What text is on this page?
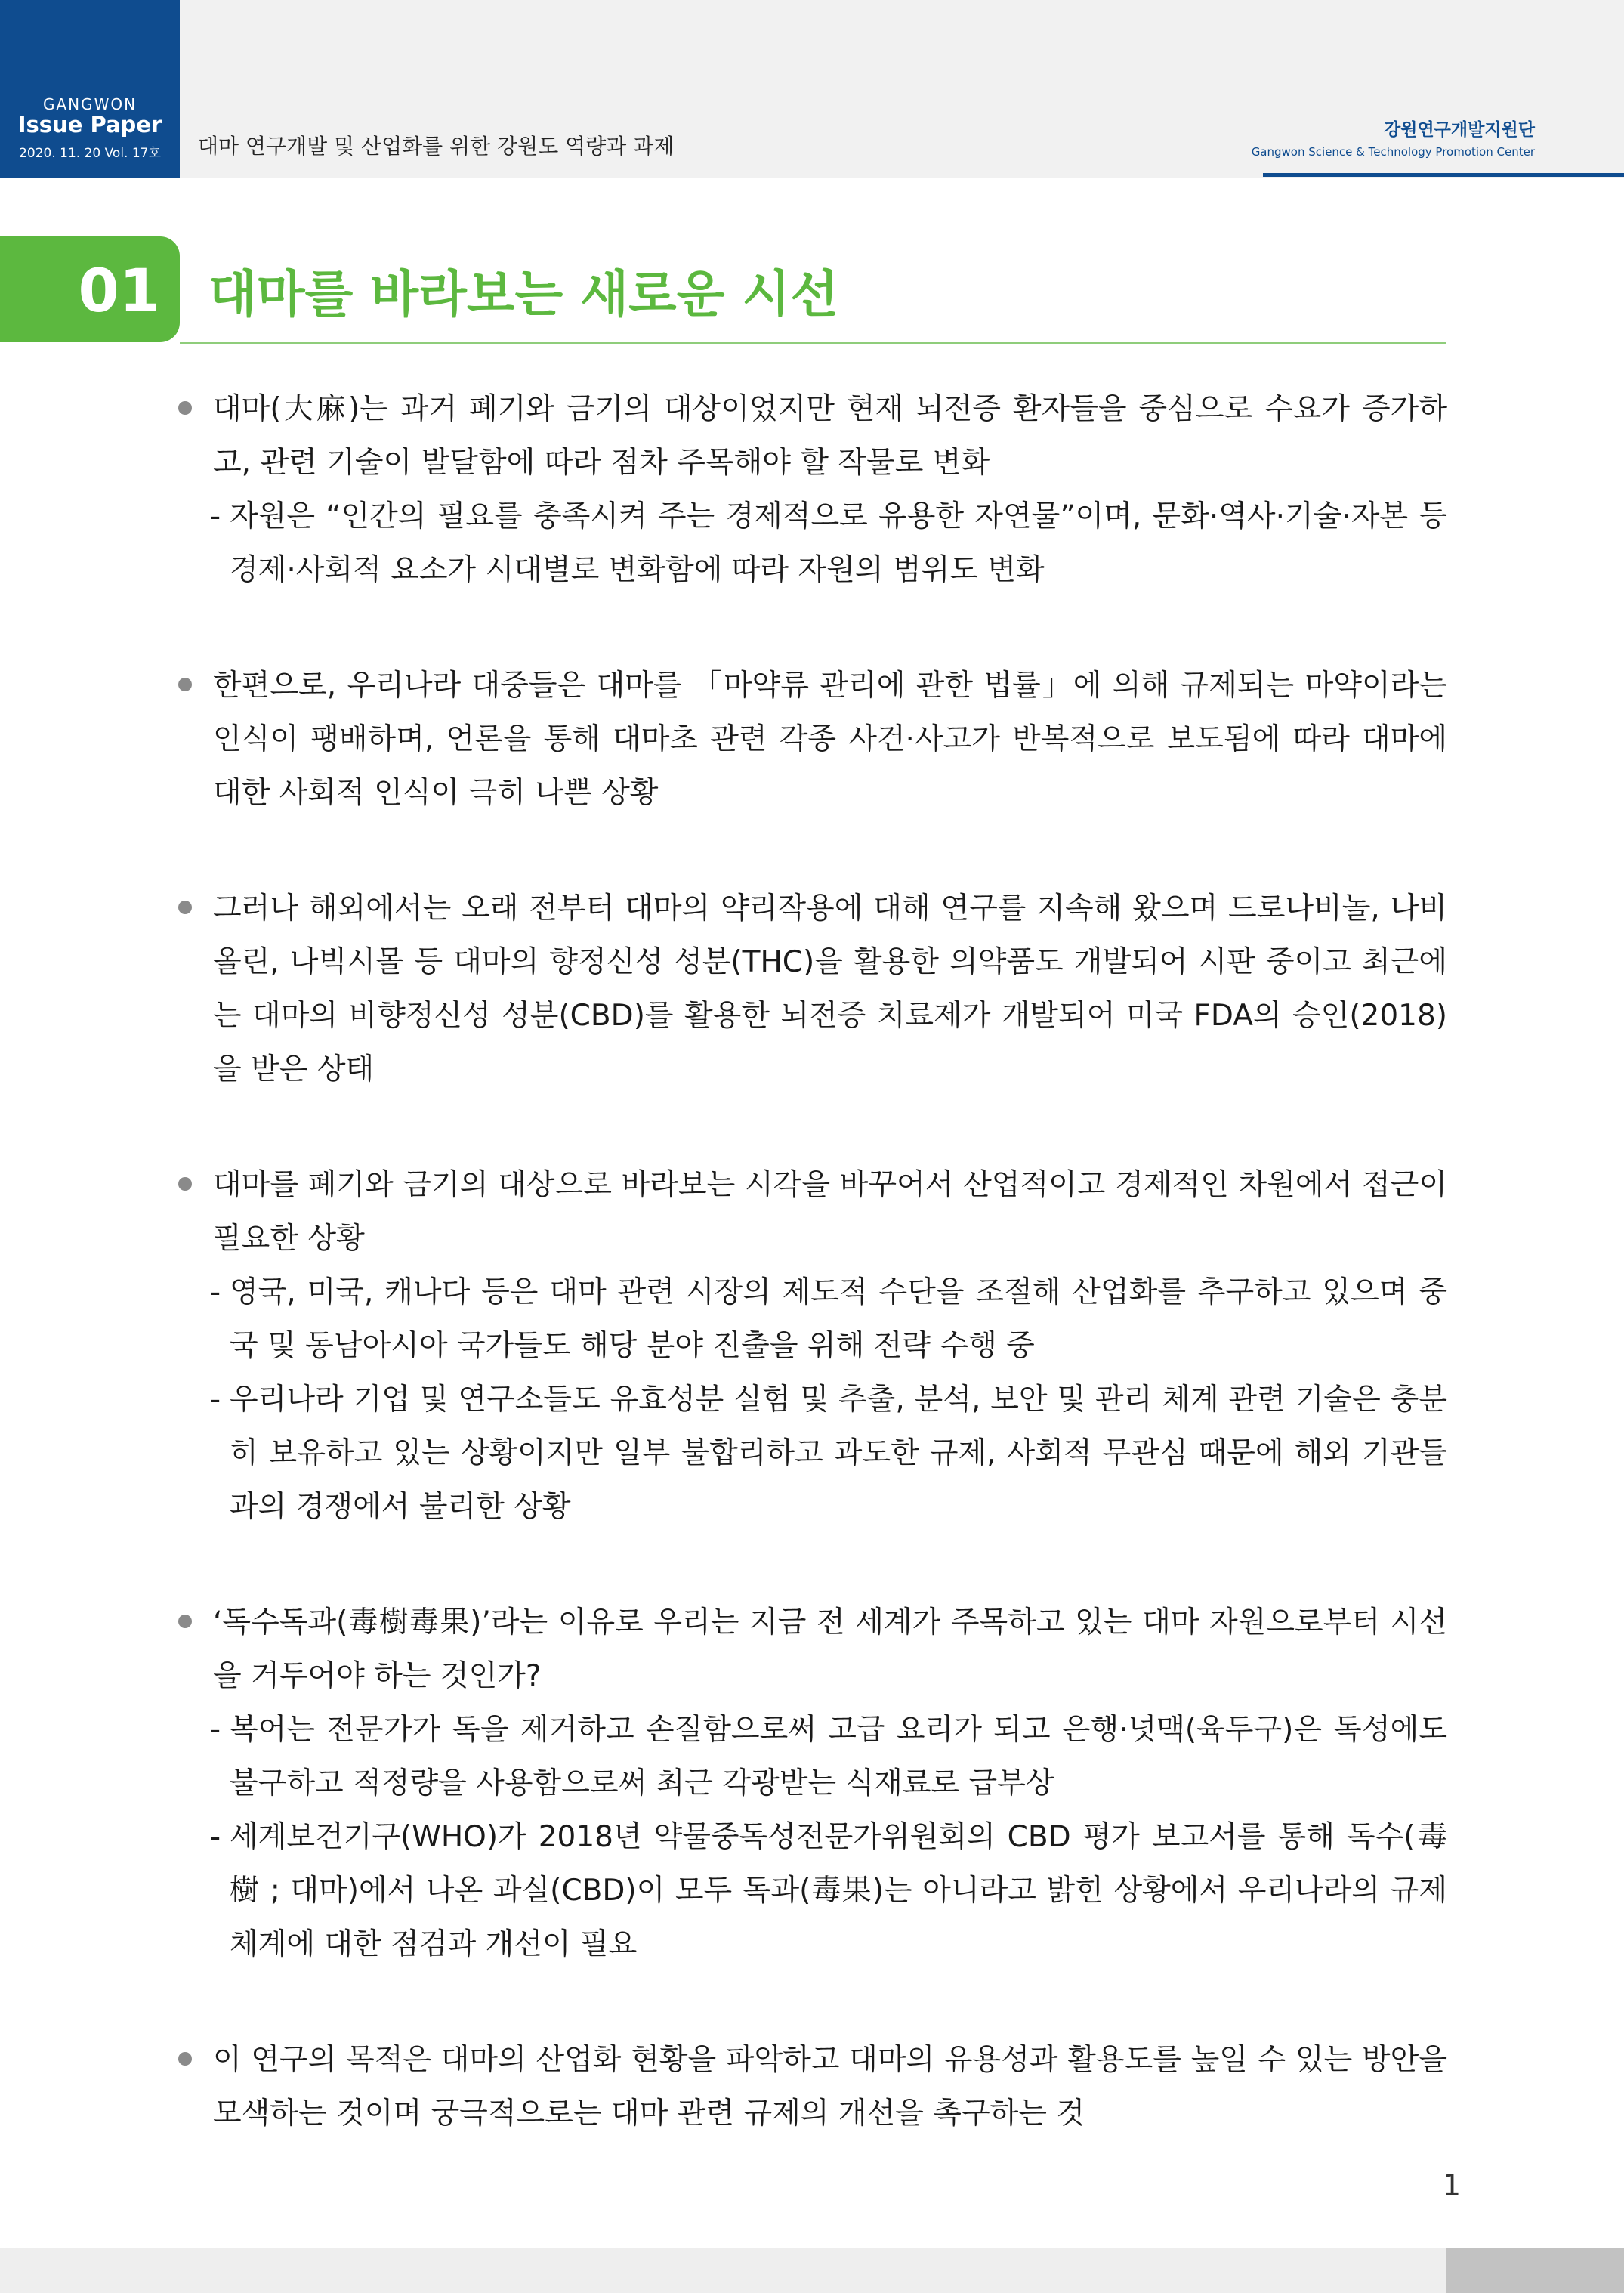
GANGWON
Issue Paper
2020. 11. 20 Vol. 17호	대마 연구개발 및 산업화를 위한 강원도 역량과 과제
강원연구개발지원단
Gangwon Science & Technology Promotion Center
01 대마를 바라보는 새로운 시선
대마(大麻)는 과거 폐기와 금기의 대상이었지만 현재 뇌전증 환자들을 중심으로 수요가 증가하고, 관련 기술이 발달함에 따라 점차 주목해야 할 작물로 변화
- 자원은 “인간의 필요를 충족시켜 주는 경제적으로 유용한 자연물”이며, 문화·역사·기술·자본 등 경제·사회적 요소가 시대별로 변화함에 따라 자원의 범위도 변화
한편으로, 우리나라 대중들은 대마를 「마약류 관리에 관한 법률」에 의해 규제되는 마약이라는 인식이 팽배하며, 언론을 통해 대마초 관련 각종 사건·사고가 반복적으로 보도됨에 따라 대마에 대한 사회적 인식이 극히 나쁜 상황
그러나 해외에서는 오래 전부터 대마의 약리작용에 대해 연구를 지속해 왔으며 드로나비놀, 나비올린, 나빅시몰 등 대마의 향정신성 성분(THC)을 활용한 의약품도 개발되어 시판 중이고 최근에는 대마의 비향정신성 성분(CBD)를 활용한 뇌전증 치료제가 개발되어 미국 FDA의 승인(2018)을 받은 상태
대마를 폐기와 금기의 대상으로 바라보는 시각을 바꾸어서 산업적이고 경제적인 차원에서 접근이 필요한 상황
- 영국, 미국, 캐나다 등은 대마 관련 시장의 제도적 수단을 조절해 산업화를 추구하고 있으며 중국 및 동남아시아 국가들도 해당 분야 진출을 위해 전략 수행 중
- 우리나라 기업 및 연구소들도 유효성분 실험 및 추출, 분석, 보안 및 관리 체계 관련 기술은 충분히 보유하고 있는 상황이지만 일부 불합리하고 과도한 규제, 사회적 무관심 때문에 해외 기관들과의 경쟁에서 불리한 상황
‘독수독과(毒樹毒果)’라는 이유로 우리는 지금 전 세계가 주목하고 있는 대마 자원으로부터 시선을 거두어야 하는 것인가?
- 복어는 전문가가 독을 제거하고 손질함으로써 고급 요리가 되고 은행·넛맥(육두구)은 독성에도 불구하고 적정량을 사용함으로써 최근 각광받는 식재료로 급부상
- 세계보건기구(WHO)가 2018년 약물중독성전문가위원회의 CBD 평가 보고서를 통해 독수(毒樹 ; 대마)에서 나온 과실(CBD)이 모두 독과(毒果)는 아니라고 밝힌 상황에서 우리나라의 규제 체계에 대한 점검과 개선이 필요
이 연구의 목적은 대마의 산업화 현황을 파악하고 대마의 유용성과 활용도를 높일 수 있는 방안을 모색하는 것이며 궁극적으로는 대마 관련 규제의 개선을 촉구하는 것
1
